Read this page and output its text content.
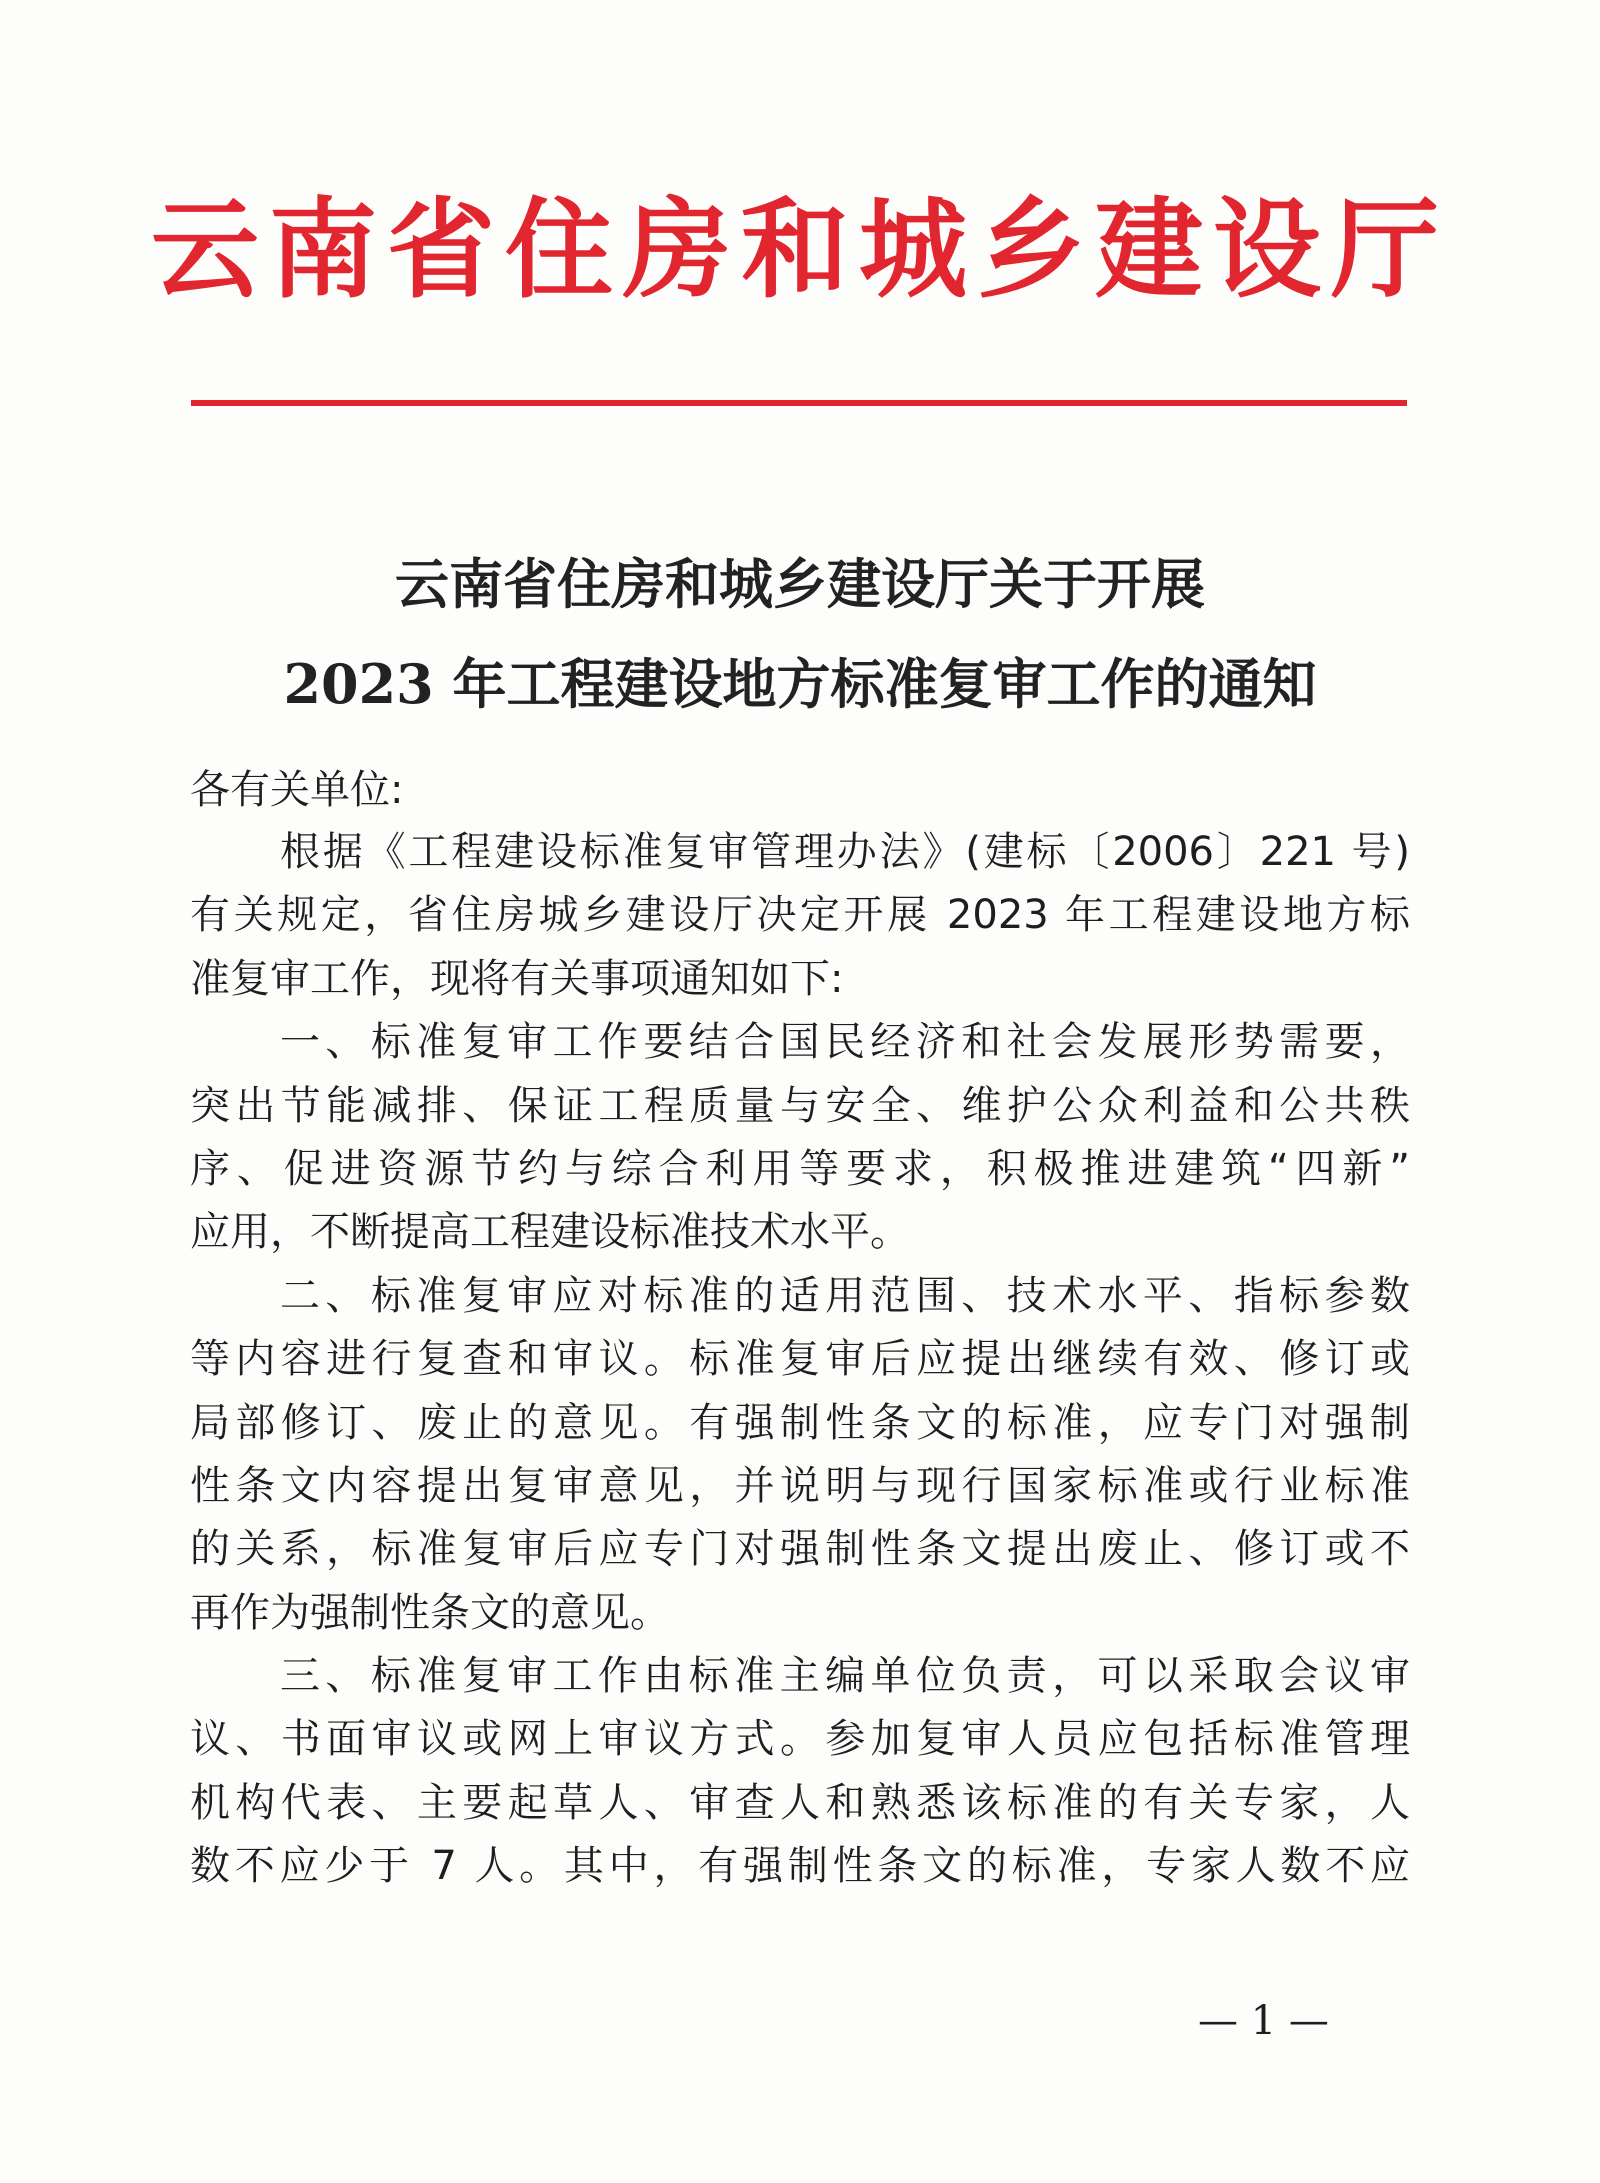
云南省住房和城乡建设厅
云南省住房和城乡建设厅关于开展
2023 年工程建设地方标准复审工作的通知
各有关单位:
根据《工程建设标准复审管理办法》(建标〔2006〕221 号)
有关规定，省住房城乡建设厅决定开展 2023 年工程建设地方标
准复审工作，现将有关事项通知如下:
一、标准复审工作要结合国民经济和社会发展形势需要，
突出节能减排、保证工程质量与安全、维护公众利益和公共秩
序、促进资源节约与综合利用等要求，积极推进建筑“四新”
应用，不断提高工程建设标准技术水平。
二、标准复审应对标准的适用范围、技术水平、指标参数
等内容进行复查和审议。标准复审后应提出继续有效、修订或
局部修订、废止的意见。有强制性条文的标准，应专门对强制
性条文内容提出复审意见，并说明与现行国家标准或行业标准
的关系，标准复审后应专门对强制性条文提出废止、修订或不
再作为强制性条文的意见。
三、标准复审工作由标准主编单位负责，可以采取会议审
议、书面审议或网上审议方式。参加复审人员应包括标准管理
机构代表、主要起草人、审查人和熟悉该标准的有关专家，人
数不应少于 7 人。其中，有强制性条文的标准，专家人数不应
— 1 —
